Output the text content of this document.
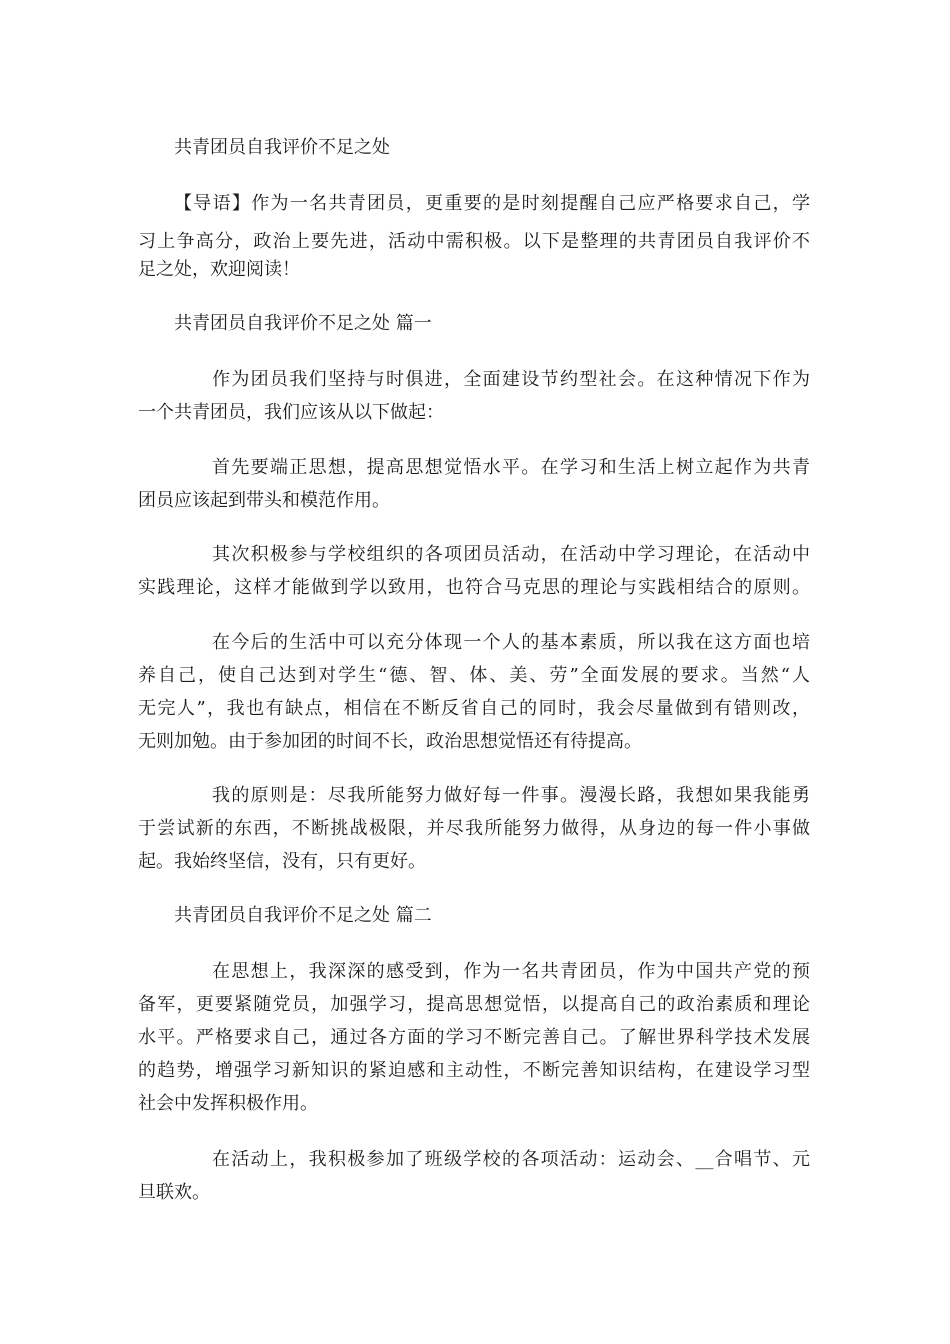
共青团员自我评价不足之处
【导语】作为一名共青团员，更重要的是时刻提醒自己应严格要求自己，学
习上争高分，政治上要先进，活动中需积极。以下是整理的共青团员自我评价不
足之处，欢迎阅读！
共青团员自我评价不足之处 篇一
作为团员我们坚持与时俱进，全面建设节约型社会。在这种情况下作为
一个共青团员，我们应该从以下做起：
首先要端正思想，提高思想觉悟水平。在学习和生活上树立起作为共青
团员应该起到带头和模范作用。
其次积极参与学校组织的各项团员活动，在活动中学习理论，在活动中
实践理论，这样才能做到学以致用，也符合马克思的理论与实践相结合的原则。
在今后的生活中可以充分体现一个人的基本素质，所以我在这方面也培
养自己，使自己达到对学生“德、智、体、美、劳”全面发展的要求。当然“人
无完人”，我也有缺点，相信在不断反省自己的同时，我会尽量做到有错则改，
无则加勉。由于参加团的时间不长，政治思想觉悟还有待提高。
我的原则是：尽我所能努力做好每一件事。漫漫长路，我想如果我能勇
于尝试新的东西，不断挑战极限，并尽我所能努力做得，从身边的每一件小事做
起。我始终坚信，没有，只有更好。
共青团员自我评价不足之处 篇二
在思想上，我深深的感受到，作为一名共青团员，作为中国共产党的预
备军，更要紧随党员，加强学习，提高思想觉悟，以提高自己的政治素质和理论
水平。严格要求自己，通过各方面的学习不断完善自己。了解世界科学技术发展
的趋势，增强学习新知识的紧迫感和主动性，不断完善知识结构，在建设学习型
社会中发挥积极作用。
在活动上，我积极参加了班级学校的各项活动：运动会、__合唱节、元
旦联欢。
